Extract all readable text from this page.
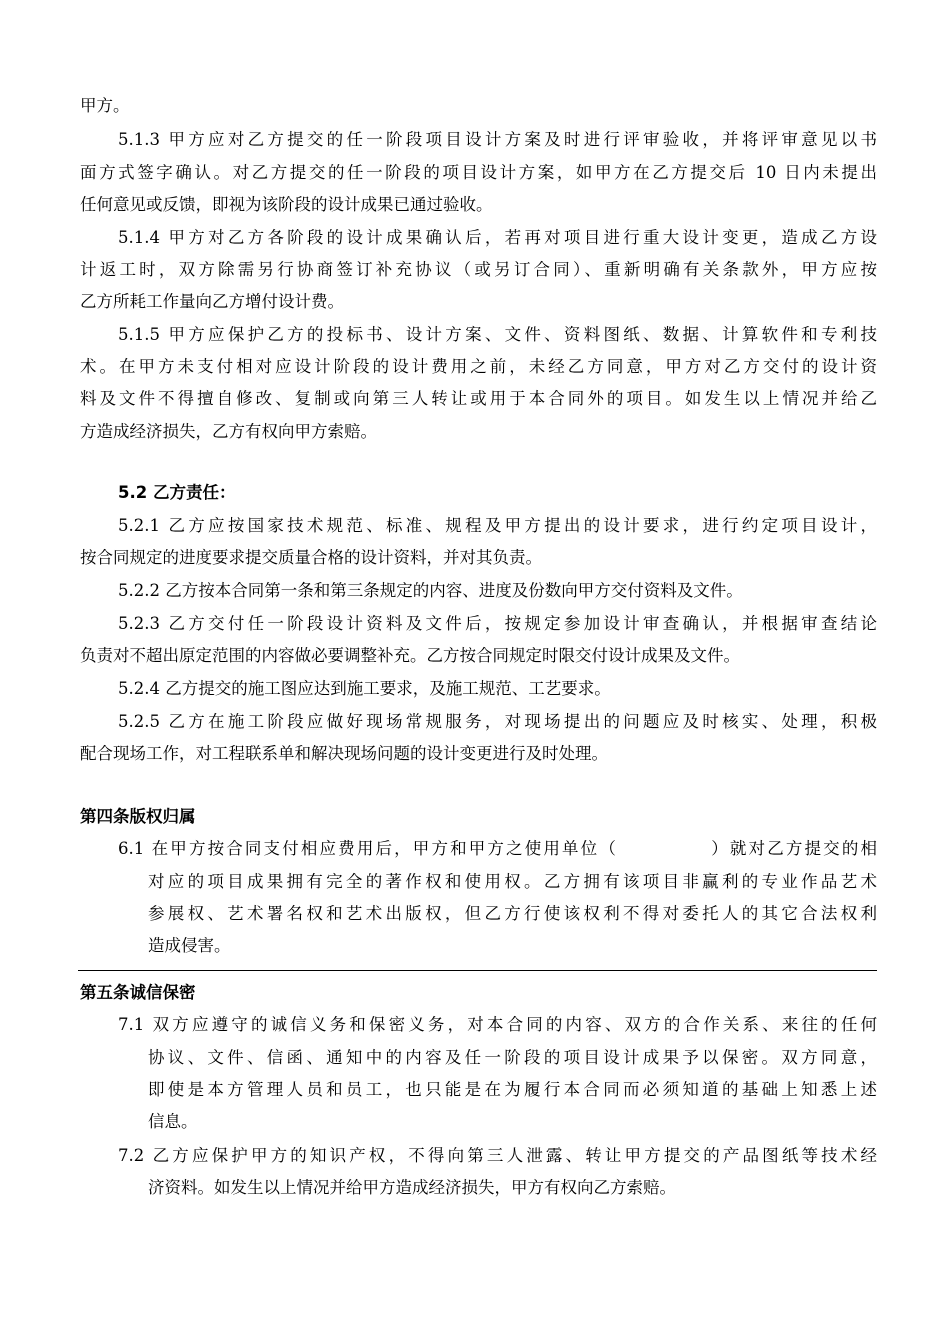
甲方。
5.1.3 甲方应对乙方提交的任一阶段项目设计方案及时进行评审验收，并将评审意见以书
面方式签字确认。对乙方提交的任一阶段的项目设计方案，如甲方在乙方提交后 10 日内未提出
任何意见或反馈，即视为该阶段的设计成果已通过验收。
5.1.4 甲方对乙方各阶段的设计成果确认后，若再对项目进行重大设计变更，造成乙方设
计返工时，双方除需另行协商签订补充协议（或另订合同）、重新明确有关条款外，甲方应按
乙方所耗工作量向乙方增付设计费。
5.1.5 甲方应保护乙方的投标书、设计方案、文件、资料图纸、数据、计算软件和专利技
术。在甲方未支付相对应设计阶段的设计费用之前，未经乙方同意，甲方对乙方交付的设计资
料及文件不得擅自修改、复制或向第三人转让或用于本合同外的项目。如发生以上情况并给乙
方造成经济损失，乙方有权向甲方索赔。
5.2 乙方责任：
5.2.1 乙方应按国家技术规范、标准、规程及甲方提出的设计要求，进行约定项目设计，
按合同规定的进度要求提交质量合格的设计资料，并对其负责。
5.2.2 乙方按本合同第一条和第三条规定的内容、进度及份数向甲方交付资料及文件。
5.2.3 乙方交付任一阶段设计资料及文件后，按规定参加设计审查确认，并根据审查结论
负责对不超出原定范围的内容做必要调整补充。乙方按合同规定时限交付设计成果及文件。
5.2.4 乙方提交的施工图应达到施工要求，及施工规范、工艺要求。
5.2.5 乙方在施工阶段应做好现场常规服务，对现场提出的问题应及时核实、处理，积极
配合现场工作，对工程联系单和解决现场问题的设计变更进行及时处理。
第四条版权归属
6.1 在甲方按合同支付相应费用后，甲方和甲方之使用单位（　　　　　）就对乙方提交的相
对应的项目成果拥有完全的著作权和使用权。乙方拥有该项目非赢利的专业作品艺术
参展权、艺术署名权和艺术出版权，但乙方行使该权利不得对委托人的其它合法权利
造成侵害。
第五条诚信保密
7.1 双方应遵守的诚信义务和保密义务，对本合同的内容、双方的合作关系、来往的任何
协议、文件、信函、通知中的内容及任一阶段的项目设计成果予以保密。双方同意，
即使是本方管理人员和员工，也只能是在为履行本合同而必须知道的基础上知悉上述
信息。
7.2 乙方应保护甲方的知识产权，不得向第三人泄露、转让甲方提交的产品图纸等技术经
济资料。如发生以上情况并给甲方造成经济损失，甲方有权向乙方索赔。
